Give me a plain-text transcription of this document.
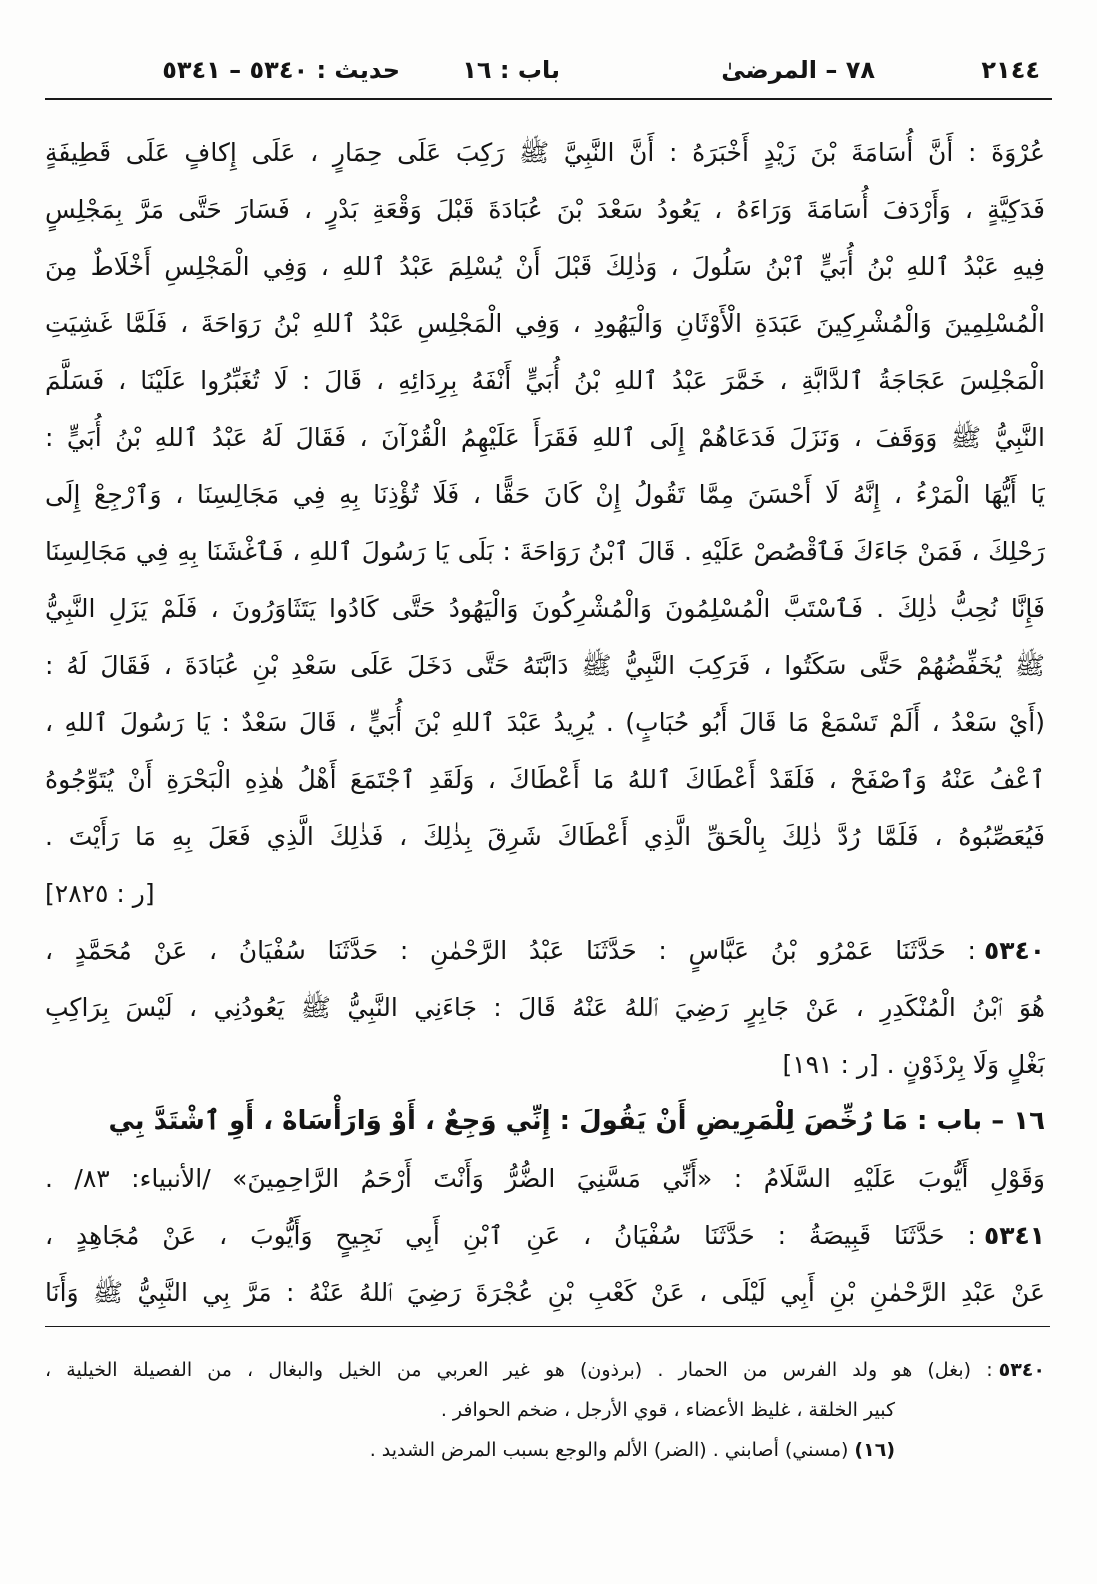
٢١٤٤
٧٨ – المرضىٰ
باب : ١٦
حديث : ٥٣٤٠ – ٥٣٤١
عُرْوَةَ : أَنَّ أُسَامَةَ بْنَ زَيْدٍ أَخْبَرَهُ : أَنَّ النَّبِيَّ ﷺ رَكِبَ عَلَى حِمَارٍ ، عَلَى إِكافٍ عَلَى قَطِيفَةٍ
فَدَكِيَّةٍ ، وَأَرْدَفَ أُسَامَةَ وَرَاءَهُ ، يَعُودُ سَعْدَ بْنَ عُبَادَةَ قَبْلَ وَقْعَةِ بَدْرٍ ، فَسَارَ حَتَّى مَرَّ بِمَجْلِسٍ
فِيهِ عَبْدُ ٱللهِ بْنُ أُبَيٍّ ٱبْنُ سَلُولَ ، وَذٰلِكَ قَبْلَ أَنْ يُسْلِمَ عَبْدُ ٱللهِ ، وَفِي الْمَجْلِسِ أَخْلَاطٌ مِنَ
الْمُسْلِمِينَ وَالْمُشْرِكِينَ عَبَدَةِ الْأَوْثَانِ وَالْيَهُودِ ، وَفِي الْمَجْلِسِ عَبْدُ ٱللهِ بْنُ رَوَاحَةَ ، فَلَمَّا غَشِيَتِ
الْمَجْلِسَ عَجَاجَةُ ٱلدَّابَّةِ ، خَمَّرَ عَبْدُ ٱللهِ بْنُ أُبَيٍّ أَنْفَهُ بِرِدَائِهِ ، قَالَ : لَا تُغَبِّرُوا عَلَيْنَا ، فَسَلَّمَ
النَّبِيُّ ﷺ وَوَقَفَ ، وَنَزَلَ فَدَعَاهُمْ إِلَى ٱللهِ فَقَرَأَ عَلَيْهِمُ الْقُرْآنَ ، فَقَالَ لَهُ عَبْدُ ٱللهِ بْنُ أُبَيٍّ :
يَا أَيُّهَا الْمَرْءُ ، إِنَّهُ لَا أَحْسَنَ مِمَّا تَقُولُ إِنْ كَانَ حَقًّا ، فَلَا تُؤْذِنَا بِهِ فِي مَجَالِسِنَا ، وَٱرْجِعْ إِلَى
رَحْلِكَ ، فَمَنْ جَاءَكَ فَٱقْصُصْ عَلَيْهِ . قَالَ ٱبْنُ رَوَاحَةَ : بَلَى يَا رَسُولَ ٱللهِ ، فَٱغْشَنَا بِهِ فِي مَجَالِسِنَا
فَإِنَّا نُحِبُّ ذٰلِكَ . فَٱسْتَبَّ الْمُسْلِمُونَ وَالْمُشْرِكُونَ وَالْيَهُودُ حَتَّى كَادُوا يَتَثَاوَرُونَ ، فَلَمْ يَزَلِ النَّبِيُّ
ﷺ يُخَفِّضُهُمْ حَتَّى سَكَتُوا ، فَرَكِبَ النَّبِيُّ ﷺ دَابَّتَهُ حَتَّى دَخَلَ عَلَى سَعْدِ بْنِ عُبَادَةَ ، فَقَالَ لَهُ :
(أَيْ سَعْدُ ، أَلَمْ تَسْمَعْ مَا قَالَ أَبُو حُبَابٍ) . يُرِيدُ عَبْدَ ٱللهِ بْنَ أُبَيٍّ ، قَالَ سَعْدٌ : يَا رَسُولَ ٱللهِ ،
ٱعْفُ عَنْهُ وَٱصْفَحْ ، فَلَقَدْ أَعْطَاكَ ٱللهُ مَا أَعْطَاكَ ، وَلَقَدِ ٱجْتَمَعَ أَهْلُ هٰذِهِ الْبَحْرَةِ أَنْ يُتَوِّجُوهُ
فَيُعَصِّبُوهُ ، فَلَمَّا رُدَّ ذٰلِكَ بِالْحَقِّ الَّذِي أَعْطَاكَ شَرِقَ بِذٰلِكَ ، فَذٰلِكَ الَّذِي فَعَلَ بِهِ مَا رَأَيْتَ .
[ر : ٢٨٢٥]
٥٣٤٠: حَدَّثَنَا عَمْرُو بْنُ عَبَّاسٍ : حَدَّثَنَا عَبْدُ الرَّحْمٰنِ : حَدَّثَنَا سُفْيَانُ ، عَنْ مُحَمَّدٍ ،
هُوَ ٱبْنُ الْمُنْكَدِرِ ، عَنْ جَابِرٍ رَضِيَ ٱللهُ عَنْهُ قَالَ : جَاءَنِي النَّبِيُّ ﷺ يَعُودُنِي ، لَيْسَ بِرَاكِبِ
بَغْلٍ وَلَا بِرْذَوْنٍ . [ر : ١٩١]
١٦ – باب : مَا رُخِّصَ لِلْمَرِيضِ أَنْ يَقُولَ : إِنِّي وَجِعٌ ، أَوْ وَارَأْسَاهْ ، أَوِ ٱشْتَدَّ بِي
وَقَوْلِ أَيُّوبَ عَلَيْهِ السَّلَامُ : «أَنِّي مَسَّنِيَ الضُّرُّ وَأَنْتَ أَرْحَمُ الرَّاحِمِينَ» /الأنبياء: ٨٣/ .
٥٣٤١: حَدَّثَنَا قَبِيصَةُ : حَدَّثَنَا سُفْيَانُ ، عَنِ ٱبْنِ أَبِي نَجِيحٍ وَأَيُّوبَ ، عَنْ مُجَاهِدٍ ،
عَنْ عَبْدِ الرَّحْمٰنِ بْنِ أَبِي لَيْلَى ، عَنْ كَعْبِ بْنِ عُجْرَةَ رَضِيَ ٱللهُ عَنْهُ : مَرَّ بِي النَّبِيُّ ﷺ وَأَنَا
٥٣٤٠: (بغل) هو ولد الفرس من الحمار . (برذون) هو غير العربي من الخيل والبغال ، من الفصيلة الخيلية ،
كبير الخلقة ، غليظ الأعضاء ، قوي الأرجل ، ضخم الحوافر .
(١٦)(مسني) أصابني . (الضر) الألم والوجع بسبب المرض الشديد .
